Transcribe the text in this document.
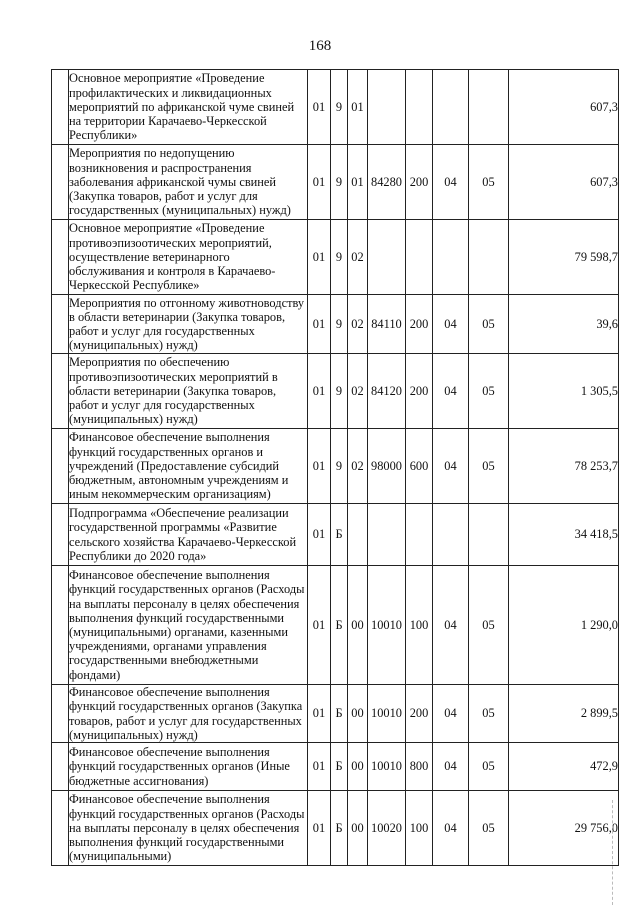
168
	Основное мероприятие «Проведение профилактических и ликвидационных мероприятий по африканской чуме свиней на территории Карачаево-Черкесской Республики»	01	9	01					607,3
	Мероприятия по недопущению возникновения и распространения заболевания африканской чумы свиней (Закупка товаров, работ и услуг для государственных (муниципальных) нужд)	01	9	01	84280	200	04	05	607,3
	Основное мероприятие «Проведение противоэпизоотических мероприятий, осуществление ветеринарного обслуживания и контроля в Карачаево-Черкесской Республике»	01	9	02					79 598,7
	Мероприятия по отгонному животноводству в области ветеринарии (Закупка товаров, работ и услуг для государственных (муниципальных) нужд)	01	9	02	84110	200	04	05	39,6
	Мероприятия по обеспечению противоэпизоотических мероприятий в области ветеринарии (Закупка товаров, работ и услуг для государственных (муниципальных) нужд)	01	9	02	84120	200	04	05	1 305,5
	Финансовое обеспечение выполнения функций государственных органов и учреждений (Предоставление субсидий бюджетным, автономным учреждениям и иным некоммерческим организациям)	01	9	02	98000	600	04	05	78 253,7
	Подпрограмма «Обеспечение реализации государственной программы «Развитие сельского хозяйства Карачаево-Черкесской Республики до 2020 года»	01	Б						34 418,5
	Финансовое обеспечение выполнения функций государственных органов (Расходы на выплаты персоналу в целях обеспечения выполнения функций государственными (муниципальными) органами, казенными учреждениями, органами управления государственными внебюджетными фондами)	01	Б	00	10010	100	04	05	1 290,0
	Финансовое обеспечение выполнения функций государственных органов (Закупка товаров, работ и услуг для государственных (муниципальных) нужд)	01	Б	00	10010	200	04	05	2 899,5
	Финансовое обеспечение выполнения функций государственных органов (Иные бюджетные ассигнования)	01	Б	00	10010	800	04	05	472,9
	Финансовое обеспечение выполнения функций государственных органов (Расходы на выплаты персоналу в целях обеспечения выполнения функций государственными (муниципальными)	01	Б	00	10020	100	04	05	29 756,0
